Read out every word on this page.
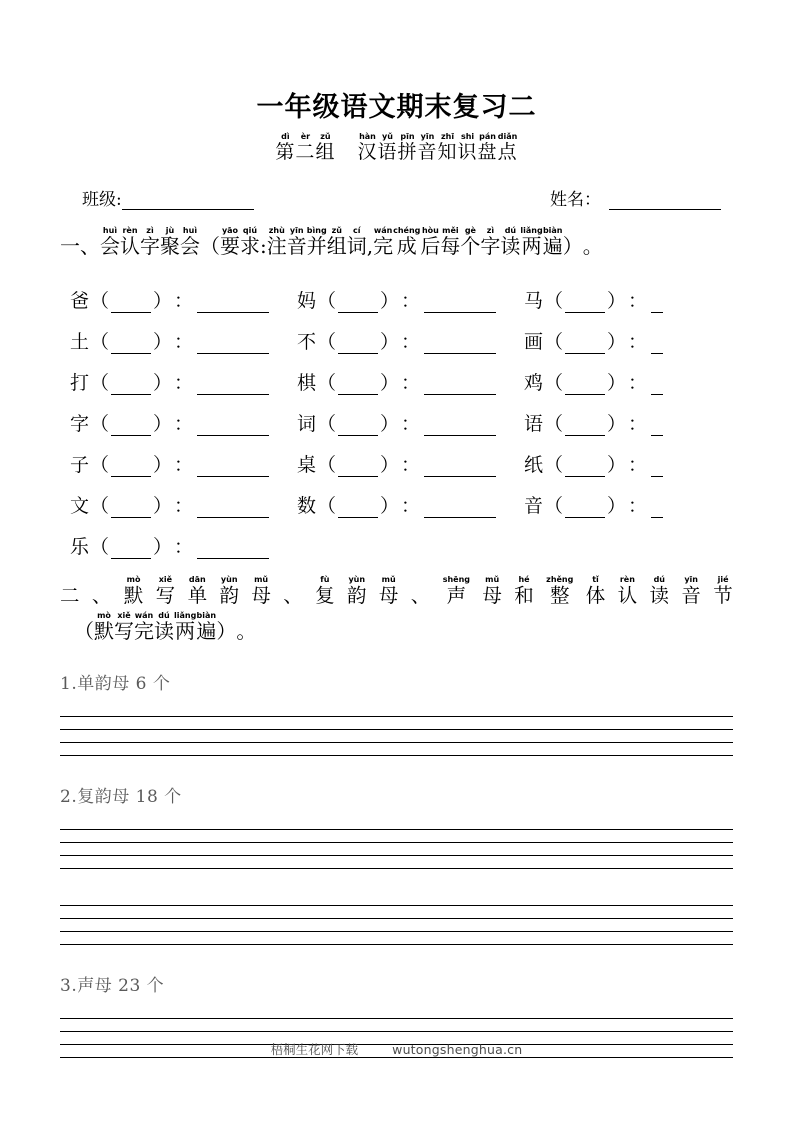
一年级语文期末复习二
dì
第
èr
二
zǔ
组
hàn
汉
yǔ
语
pīn
拼
yīn
音
zhī
知
shi
识
pán
盘
diǎn
点
班级:	姓名：
一 、
huì
会
rèn
认
zì
字
jù
聚
huì
会 （
yāo
要
qiú
求 :
zhù
注
yīn
音
bìng
并
zǔ
组
cí
词 ,
wán
完
chéng
成
hòu
后
měi
每
gè
个
zì
字
dú
读
liǎng
两
biàn
遍 ） 。
爸 （ ） ：	妈 （ ） ：	马 （ ） ：
土 （ ） ：	不 （ ） ：	画 （ ） ：
打 （ ） ：	棋 （ ） ：	鸡 （ ） ：
字 （ ） ：	词 （ ） ：	语 （ ） ：
子 （ ） ：	桌 （ ） ：	纸 （ ） ：
文 （ ） ：	数 （ ） ：	音 （ ） ：
乐 （ ） ：
二 、
mò
默
xiě
写
dān
单
yùn
韵
mǔ
母 、
fù
复
yùn
韵
mǔ
母 、
shēng
声
mǔ
母
hé
和
zhěng
整
tǐ
体
rèn
认
dú
读
yīn
音
jié
节
（
mò
默
xiě
写
wán
完
dú
读
liǎng
两
biàn
遍 ） 。
1.单韵母 6 个
2.复韵母 18 个
3.声母 23 个
梧桐生花网下载	wutongshenghua.cn
